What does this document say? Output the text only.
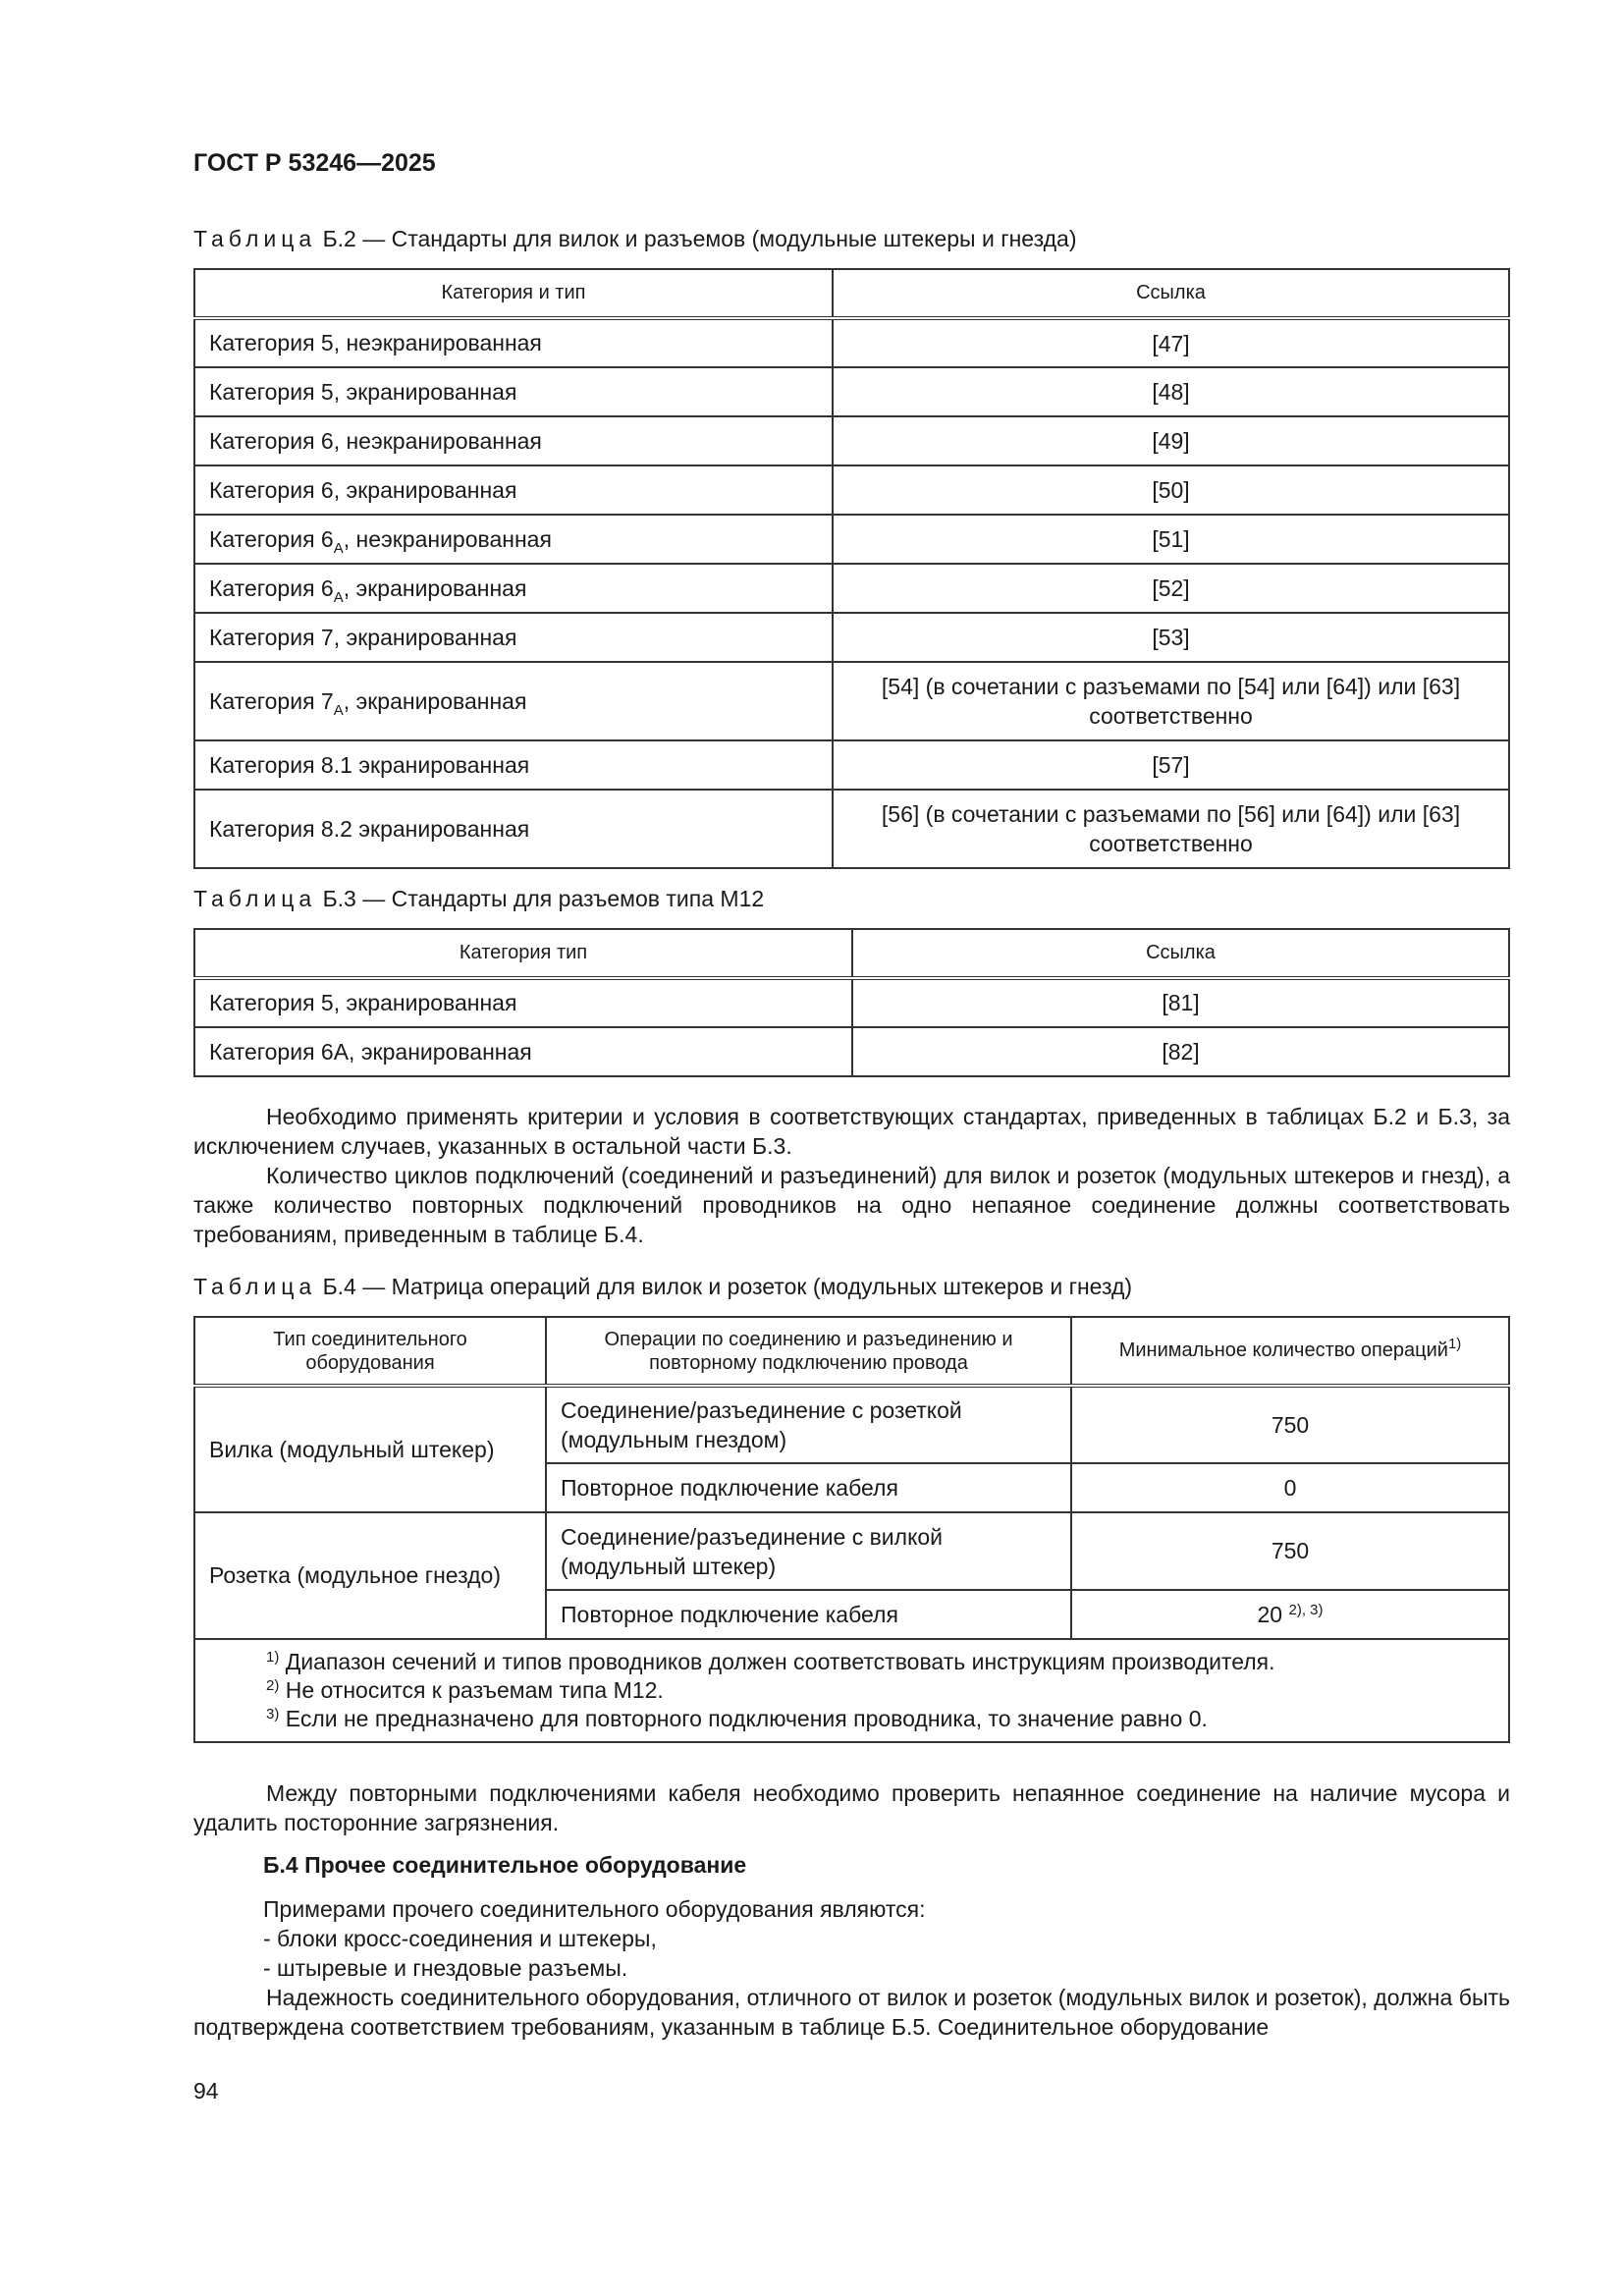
ГОСТ Р 53246—2025
Таблица Б.2 — Стандарты для вилок и разъемов (модульные штекеры и гнезда)
Категория и тип	Ссылка
Категория 5, неэкранированная	[47]
Категория 5, экранированная	[48]
Категория 6, неэкранированная	[49]
Категория 6, экранированная	[50]
Категория $6_A$, неэкранированная	[51]
Категория $6_A$, экранированная	[52]
Категория 7, экранированная	[53]
Категория $7_A$, экранированная	[54] (в сочетании с разъемами по [54] или [64]) или [63] соответственно
Категория 8.1 экранированная	[57]
Категория 8.2 экранированная	[56] (в сочетании с разъемами по [56] или [64]) или [63] соответственно
Таблица Б.3 — Стандарты для разъемов типа М12
Категория тип	Ссылка
Категория 5, экранированная	[81]
Категория 6А, экранированная	[82]

Необходимо применять критерии и условия в соответствующих стандартах, приведенных в таблицах Б.2 и Б.3, за исключением случаев, указанных в остальной части Б.3.

Количество циклов подключений (соединений и разъединений) для вилок и розеток (модульных штекеров и гнезд), а также количество повторных подключений проводников на одно непаяное соединение должны соответствовать требованиям, приведенным в таблице Б.4.

Таблица Б.4 — Матрица операций для вилок и розеток (модульных штекеров и гнезд)
Тип соединительного оборудования	Операции по соединению и разъединению и повторному подключению провода	Минимальное количество операций$^{1)}$
Вилка (модульный штекер)	Соединение/разъединение с розеткой (модульным гнездом)	750
	Повторное подключение кабеля	0
Розетка (модульное гнездо)	Соединение/разъединение с вилкой (модульный штекер)	750
	Повторное подключение кабеля	20 $^{2), 3)}$

$^{1)}$ Диапазон сечений и типов проводников должен соответствовать инструкциям производителя.
$^{2)}$ Не относится к разъемам типа М12.
$^{3)}$ Если не предназначено для повторного подключения проводника, то значение равно 0.		

Между повторными подключениями кабеля необходимо проверить непаянное соединение на наличие мусора и удалить посторонние загрязнения.

Б.4 Прочее соединительное оборудование
Примерами прочего соединительного оборудования являются:
- блоки кросс-соединения и штекеры,
- штыревые и гнездовые разъемы.

Надежность соединительного оборудования, отличного от вилок и розеток (модульных вилок и розеток), должна быть подтверждена соответствием требованиям, указанным в таблице Б.5. Соединительное оборудование

94
